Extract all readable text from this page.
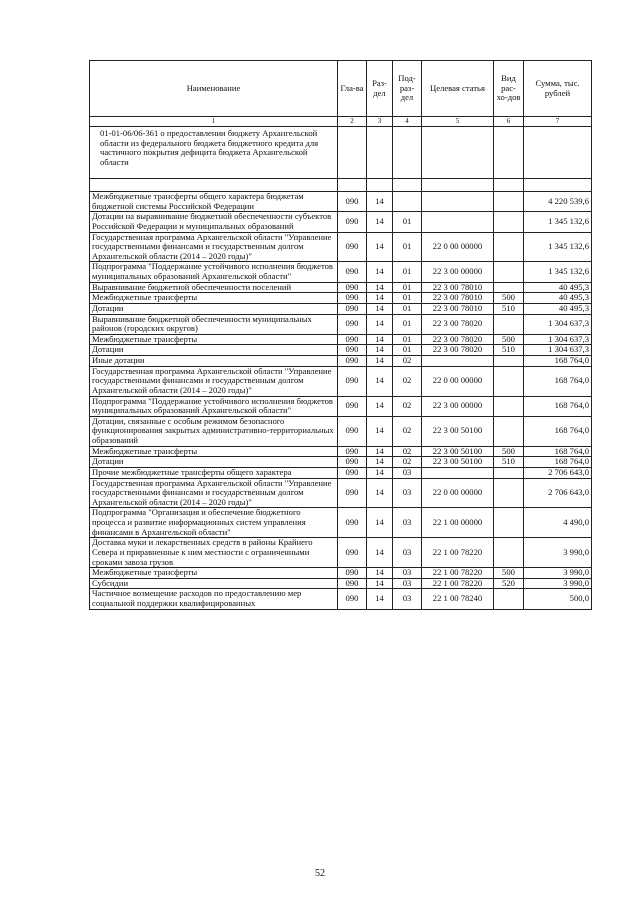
Наименование	Гла-ва	Раз-дел	Под-раз-дел	Целевая статья	Вид рас-хо-дов	Сумма, тыс. рублей
1	2	3	4	5	6	7

01-01-06/06-361 о предоставлении бюджету Архангельской области из федерального бюджета бюджетного кредита для частичного покрытия дефицита бюджета Архангельской области						

Межбюджетные трансферты общего характера бюджетам бюджетной системы Российской Федерации	090	14				4 220 539,6
Дотации на выравнивание бюджетной обеспеченности субъектов Российской Федерации и муниципальных образований	090	14	01			1 345 132,6
Государственная программа Архангельской области "Управление государственными финансами и государственным долгом Архангельской области (2014 – 2020 годы)"	090	14	01	22 0 00 00000		1 345 132,6
Подпрограмма "Поддержание устойчивого исполнения бюджетов муниципальных образований Архангельской области"	090	14	01	22 3 00 00000		1 345 132,6
Выравнивание бюджетной обеспеченности поселений	090	14	01	22 3 00 78010		40 495,3
Межбюджетные трансферты	090	14	01	22 3 00 78010	500	40 495,3
Дотации	090	14	01	22 3 00 78010	510	40 495,3
Выравнивание бюджетной обеспеченности муниципальных районов (городских округов)	090	14	01	22 3 00 78020		1 304 637,3
Межбюджетные трансферты	090	14	01	22 3 00 78020	500	1 304 637,3
Дотации	090	14	01	22 3 00 78020	510	1 304 637,3
Иные дотации	090	14	02			168 764,0
Государственная программа Архангельской области "Управление государственными финансами и государственным долгом Архангельской области (2014 – 2020 годы)"	090	14	02	22 0 00 00000		168 764,0
Подпрограмма "Поддержание устойчивого исполнения бюджетов муниципальных образований Архангельской области"	090	14	02	22 3 00 00000		168 764,0
Дотации, связанные с особым режимом безопасного функционирования закрытых административно-территориальных образований	090	14	02	22 3 00 50100		168 764,0
Межбюджетные трансферты	090	14	02	22 3 00 50100	500	168 764,0
Дотации	090	14	02	22 3 00 50100	510	168 764,0
Прочие межбюджетные трансферты общего характера	090	14	03			2 706 643,0
Государственная программа Архангельской области "Управление государственными финансами и государственным долгом Архангельской области (2014 – 2020 годы)"	090	14	03	22 0 00 00000		2 706 643,0
Подпрограмма "Организация и обеспечение бюджетного процесса и развитие информационных систем управления финансами в Архангельской области"	090	14	03	22 1 00 00000		4 490,0
Доставка муки и лекарственных средств в районы Крайнего Севера и приравненные к ним местности с ограниченными сроками завоза грузов	090	14	03	22 1 00 78220		3 990,0
Межбюджетные трансферты	090	14	03	22 1 00 78220	500	3 990,0
Субсидии	090	14	03	22 1 00 78220	520	3 990,0
Частичное возмещение расходов по предоставлению мер социальной поддержки квалифицированных	090	14	03	22 1 00 78240		500,0
52
